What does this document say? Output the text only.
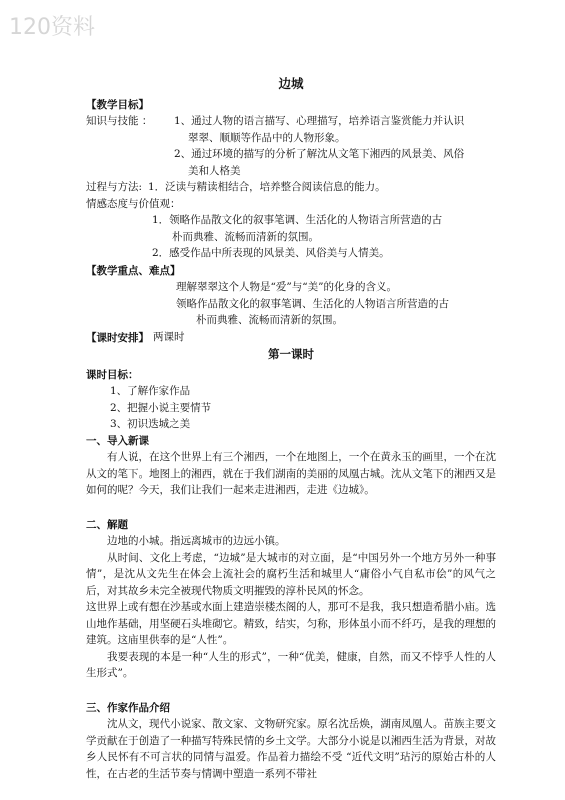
120资料
边城
【教学目标】
知识与技能 ：	1、通过人物的语言描写、心理描写，培养语言鉴赏能力并认识
翠翠、顺顺等作品中的人物形象。
2、通过环境的描写的分析了解沈从文笔下湘西的风景美、风俗
美和人格美
过程与方法: 1．泛读与精读相结合，培养整合阅读信息的能力。
情感态度与价值观：
1．领略作品散文化的叙事笔调、生活化的人物语言所营造的古
朴而典雅、流畅而清新的氛围。
2．感受作品中所表现的风景美、风俗美与人情美。
【教学重点、难点】
理解翠翠这个人物是“爱”与“美”的化身的含义。
领略作品散文化的叙事笔调、生活化的人物语言所营造的古
朴而典雅、流畅而清新的氛围。
【课时安排】 两课时
第一课时
课时目标：
1、了解作家作品
2、把握小说主要情节
3、初识迭城之美
一、导入新课

有人说，在这个世界上有三个湘西，一个在地图上，一个在黄永玉的画里，一个在沈从文的笔下。地图上的湘西，就在于我们湖南的美丽的凤凰古城。沈从文笔下的湘西又是如何的呢？今天，我们让我们一起来走进湘西，走进《边城》。

二、解题

边地的小城。指远离城市的边远小镇。

从时间、文化上考虑，“边城”是大城市的对立面，是“中国另外一个地方另外一种事情”，是沈从文先生在体会上流社会的腐朽生活和城里人“庸俗小气自私市侩”的风气之后，对其故乡未完全被现代物质文明摧毁的淳朴民风的怀念。

这世界上或有想在沙基或水面上建造崇楼杰阁的人，那可不是我，我只想造希腊小庙。选山地作基础，用坚硬石头堆砌它。精致，结实，匀称，形体虽小而不纤巧，是我的理想的建筑。这庙里供奉的是“人性”。

我要表现的本是一种“人生的形式”，一种“优美，健康，自然，而又不悖乎人性的人生形式”。

三、作家作品介绍

沈从文，现代小说家、散文家、文物研究家。原名沈岳焕，湖南凤凰人。苗族主要文学贡献在于创造了一种描写特殊民情的乡土文学。大部分小说是以湘西生活为背景，对故乡人民怀有不可言状的同情与温爱。作品着力描绘不受 “近代文明”玷污的原始古朴的人性，在古老的生活节奏与情调中塑造一系列不带社
